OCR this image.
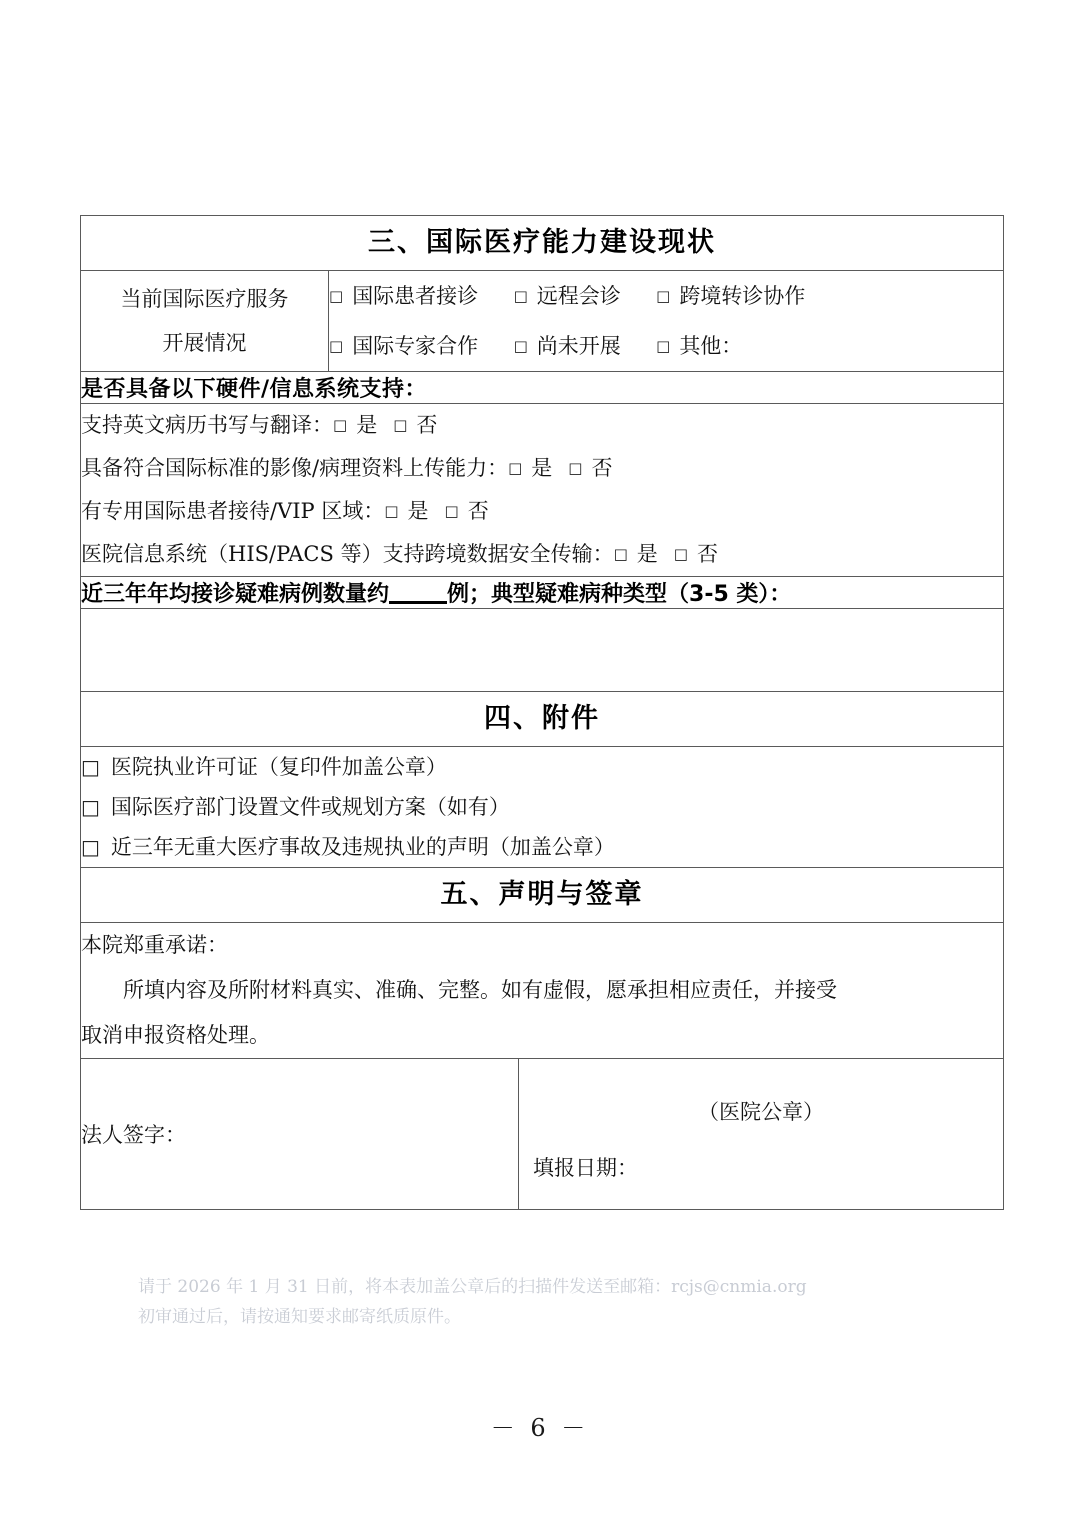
三、国际医疗能力建设现状		
当前国际医疗服务
开展情况

□ 国际患者接诊 □ 远程会诊 □ 跨境转诊协作
□ 国际专家合作 □ 尚未开展 □ 其他：

是否具备以下硬件/信息系统支持：		

支持英文病历书写与翻译：□ 是 □ 否
具备符合国际标准的影像/病理资料上传能力：□ 是 □ 否
有专用国际患者接待/VIP 区域：□ 是 □ 否
医院信息系统（HIS/PACS 等）支持跨境数据安全传输：□ 是 □ 否		

近三年年均接诊疑难病例数量约 例；典型疑难病种类型（3-5 类）：		

四、附件		

□ 医院执业许可证（复印件加盖公章）
□ 国际医疗部门设置文件或规划方案（如有）
□ 近三年无重大医疗事故及违规执业的声明（加盖公章）		

五、声明与签章		

本院郑重承诺：
所填内容及所附材料真实、准确、完整。如有虚假，愿承担相应责任，并接受
取消申报资格处理。		

法人签字：		（医院公章）
填报日期：
请于 2026 年 1 月 31 日前，将本表加盖公章后的扫描件发送至邮箱：rcjs@cnmia.org
初审通过后，请按通知要求邮寄纸质原件。
－ 6 －
